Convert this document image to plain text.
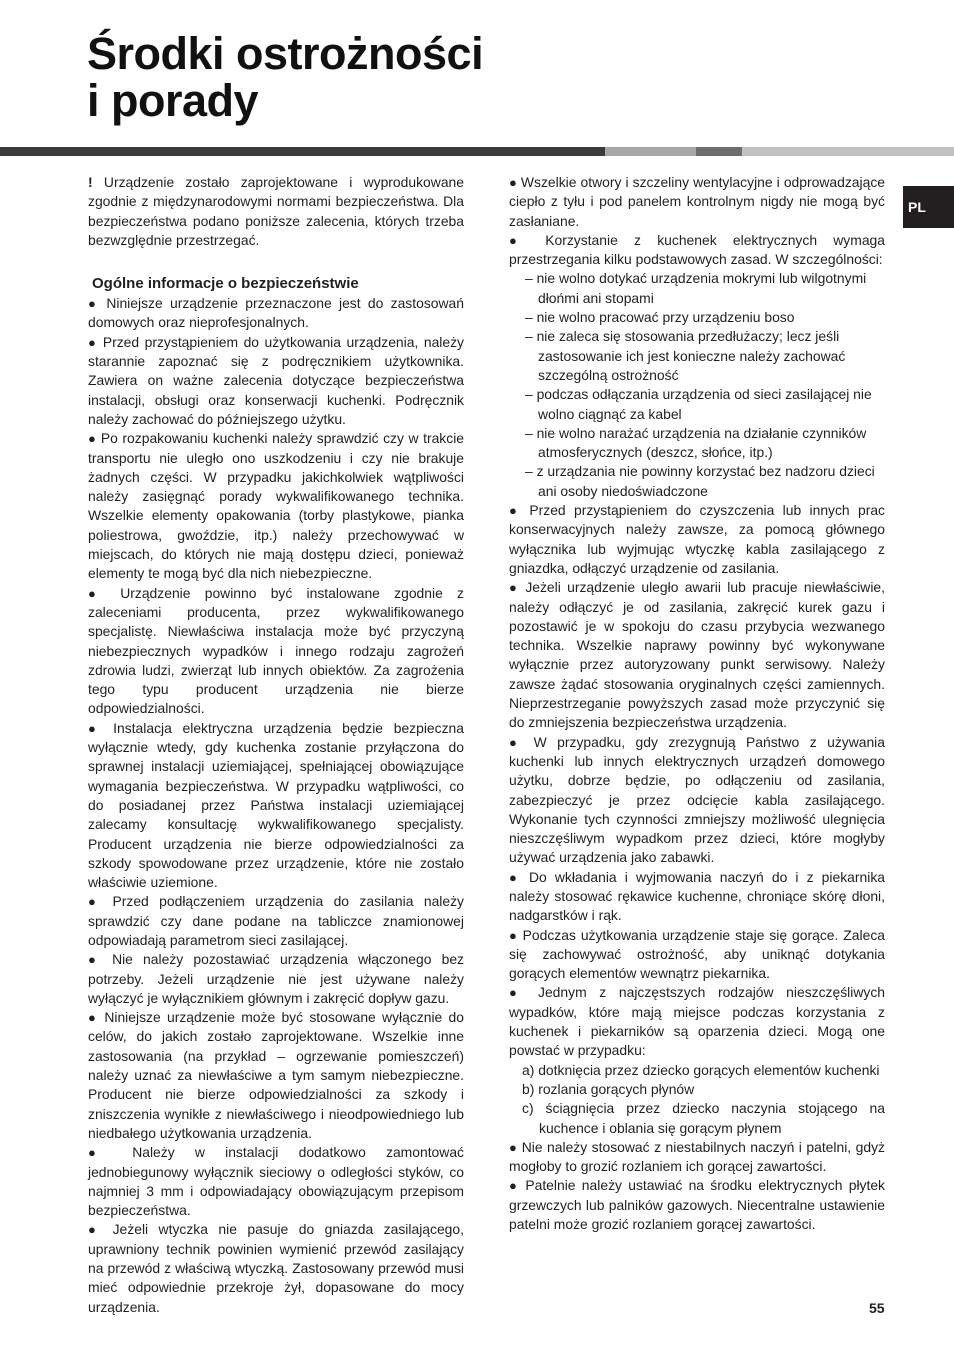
Środki ostrożności
i porady
PL

! Urządzenie zostało zaprojektowane i wyprodukowane zgodnie z międzynarodowymi normami bezpieczeństwa. Dla bezpieczeństwa podano poniższe zalecenia, których trzeba bezwzględnie przestrzegać.

Ogólne informacje o bezpieczeństwie

● Niniejsze urządzenie przeznaczone jest do zastosowań domowych oraz nieprofesjonalnych.

● Przed przystąpieniem do użytkowania urządzenia, należy starannie zapoznać się z podręcznikiem użytkownika. Zawiera on ważne zalecenia dotyczące bezpieczeństwa instalacji, obsługi oraz konserwacji kuchenki. Podręcznik należy zachować do późniejszego użytku.

● Po rozpakowaniu kuchenki należy sprawdzić czy w trakcie transportu nie uległo ono uszkodzeniu i czy nie brakuje żadnych części. W przypadku jakichkolwiek wątpliwości należy zasięgnąć porady wykwalifikowanego technika. Wszelkie elementy opakowania (torby plastykowe, pianka poliestrowa, gwoździe, itp.) należy przechowywać w miejscach, do których nie mają dostępu dzieci, ponieważ elementy te mogą być dla nich niebezpieczne.

● Urządzenie powinno być instalowane zgodnie z zaleceniami producenta, przez wykwalifikowanego specjalistę. Niewłaściwa instalacja może być przyczyną niebezpiecznych wypadków i innego rodzaju zagrożeń zdrowia ludzi, zwierząt lub innych obiektów. Za zagrożenia tego typu producent urządzenia nie bierze odpowiedzialności.

● Instalacja elektryczna urządzenia będzie bezpieczna wyłącznie wtedy, gdy kuchenka zostanie przyłączona do sprawnej instalacji uziemiającej, spełniającej obowiązujące wymagania bezpieczeństwa. W przypadku wątpliwości, co do posiadanej przez Państwa instalacji uziemiającej zalecamy konsultację wykwalifikowanego specjalisty. Producent urządzenia nie bierze odpowiedzialności za szkody spowodowane przez urządzenie, które nie zostało właściwie uziemione.

● Przed podłączeniem urządzenia do zasilania należy sprawdzić czy dane podane na tabliczce znamionowej odpowiadają parametrom sieci zasilającej.

● Nie należy pozostawiać urządzenia włączonego bez potrzeby. Jeżeli urządzenie nie jest używane należy wyłączyć je wyłącznikiem głównym i zakręcić dopływ gazu.

● Niniejsze urządzenie może być stosowane wyłącznie do celów, do jakich zostało zaprojektowane. Wszelkie inne zastosowania (na przykład – ogrzewanie pomieszczeń) należy uznać za niewłaściwe a tym samym niebezpieczne. Producent nie bierze odpowiedzialności za szkody i zniszczenia wynikłe z niewłaściwego i nieodpowiedniego lub niedbałego użytkowania urządzenia.

● Należy w instalacji dodatkowo zamontować jednobiegunowy wyłącznik sieciowy o odległości styków, co najmniej 3 mm i odpowiadający obowiązującym przepisom bezpieczeństwa.

● Jeżeli wtyczka nie pasuje do gniazda zasilającego, uprawniony technik powinien wymienić przewód zasilający na przewód z właściwą wtyczką. Zastosowany przewód musi mieć odpowiednie przekroje żył, dopasowane do mocy urządzenia.

● Wszelkie otwory i szczeliny wentylacyjne i odprowadzające ciepło z tyłu i pod panelem kontrolnym nigdy nie mogą być zasłaniane.

● Korzystanie z kuchenek elektrycznych wymaga przestrzegania kilku podstawowych zasad. W szczególności:

– nie wolno dotykać urządzenia mokrymi lub wilgotnymi dłońmi ani stopami

– nie wolno pracować przy urządzeniu boso

– nie zaleca się stosowania przedłużaczy; lecz jeśli zastosowanie ich jest konieczne należy zachować szczególną ostrożność

– podczas odłączania urządzenia od sieci zasilającej nie wolno ciągnąć za kabel

– nie wolno narażać urządzenia na działanie czynników atmosferycznych (deszcz, słońce, itp.)

– z urządzania nie powinny korzystać bez nadzoru dzieci ani osoby niedoświadczone

● Przed przystąpieniem do czyszczenia lub innych prac konserwacyjnych należy zawsze, za pomocą głównego wyłącznika lub wyjmując wtyczkę kabla zasilającego z gniazdka, odłączyć urządzenie od zasilania.

● Jeżeli urządzenie uległo awarii lub pracuje niewłaściwie, należy odłączyć je od zasilania, zakręcić kurek gazu i pozostawić je w spokoju do czasu przybycia wezwanego technika. Wszelkie naprawy powinny być wykonywane wyłącznie przez autoryzowany punkt serwisowy. Należy zawsze żądać stosowania oryginalnych części zamiennych. Nieprzestrzeganie powyższych zasad może przyczynić się do zmniejszenia bezpieczeństwa urządzenia.

● W przypadku, gdy zrezygnują Państwo z używania kuchenki lub innych elektrycznych urządzeń domowego użytku, dobrze będzie, po odłączeniu od zasilania, zabezpieczyć je przez odcięcie kabla zasilającego. Wykonanie tych czynności zmniejszy możliwość ulegnięcia nieszczęśliwym wypadkom przez dzieci, które mogłyby używać urządzenia jako zabawki.

● Do wkładania i wyjmowania naczyń do i z piekarnika należy stosować rękawice kuchenne, chroniące skórę dłoni, nadgarstków i rąk.

● Podczas użytkowania urządzenie staje się gorące. Zaleca się zachowywać ostrożność, aby uniknąć dotykania gorących elementów wewnątrz piekarnika.

● Jednym z najczęstszych rodzajów nieszczęśliwych wypadków, które mają miejsce podczas korzystania z kuchenek i piekarników są oparzenia dzieci. Mogą one powstać w przypadku:

a) dotknięcia przez dziecko gorących elementów kuchenki

b) rozlania gorących płynów

c) ściągnięcia przez dziecko naczynia stojącego na kuchence i oblania się gorącym płynem

● Nie należy stosować z niestabilnych naczyń i patelni, gdyż mogłoby to grozić rozlaniem ich gorącej zawartości.

● Patelnie należy ustawiać na środku elektrycznych płytek grzewczych lub palników gazowych. Niecentralne ustawienie patelni może grozić rozlaniem gorącej zawartości.

55
